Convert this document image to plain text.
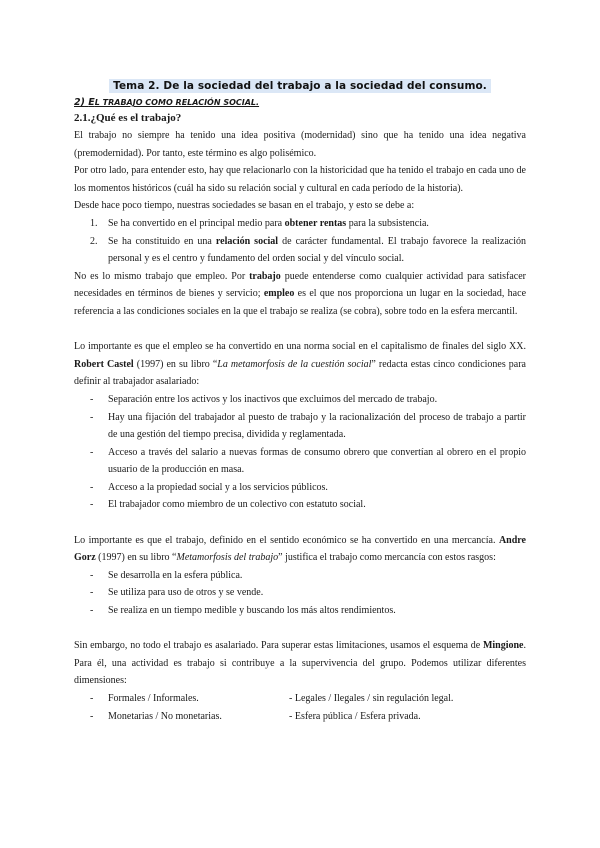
Tema 2. De la sociedad del trabajo a la sociedad del consumo.
2) EL TRABAJO COMO RELACIÓN SOCIAL.
2.1.¿Qué es el trabajo?

El trabajo no siempre ha tenido una idea positiva (modernidad) sino que ha tenido una idea negativa (premodernidad). Por tanto, este término es algo polisémico.

Por otro lado, para entender esto, hay que relacionarlo con la historicidad que ha tenido el trabajo en cada uno de los momentos históricos (cuál ha sido su relación social y cultural en cada período de la historia).

Desde hace poco tiempo, nuestras sociedades se basan en el trabajo, y esto se debe a:

1. Se ha convertido en el principal medio para obtener rentas para la subsistencia.
2. Se ha constituido en una relación social de carácter fundamental. El trabajo favorece la realización personal y es el centro y fundamento del orden social y del vínculo social.

No es lo mismo trabajo que empleo. Por trabajo puede entenderse como cualquier actividad para satisfacer necesidades en términos de bienes y servicio; empleo es el que nos proporciona un lugar en la sociedad, hace referencia a las condiciones sociales en la que el trabajo se realiza (se cobra), sobre todo en la esfera mercantil.

Lo importante es que el empleo se ha convertido en una norma social en el capitalismo de finales del siglo XX. Robert Castel (1997) en su libro “La metamorfosis de la cuestión social” redacta estas cinco condiciones para definir al trabajador asalariado:

- Separación entre los activos y los inactivos que excluimos del mercado de trabajo.
- Hay una fijación del trabajador al puesto de trabajo y la racionalización del proceso de trabajo a partir de una gestión del tiempo precisa, dividida y reglamentada.
- Acceso a través del salario a nuevas formas de consumo obrero que convertían al obrero en el propio usuario de la producción en masa.
- Acceso a la propiedad social y a los servicios públicos.
- El trabajador como miembro de un colectivo con estatuto social.

Lo importante es que el trabajo, definido en el sentido económico se ha convertido en una mercancía. Andre Gorz (1997) en su libro “Metamorfosis del trabajo” justifica el trabajo como mercancía con estos rasgos:

- Se desarrolla en la esfera pública.
- Se utiliza para uso de otros y se vende.
- Se realiza en un tiempo medible y buscando los más altos rendimientos.

Sin embargo, no todo el trabajo es asalariado. Para superar estas limitaciones, usamos el esquema de Mingione. Para él, una actividad es trabajo si contribuye a la supervivencia del grupo. Podemos utilizar diferentes dimensiones:

- Formales / Informales.	- Legales / Ilegales / sin regulación legal.
- Monetarias / No monetarias.	- Esfera pública / Esfera privada.
